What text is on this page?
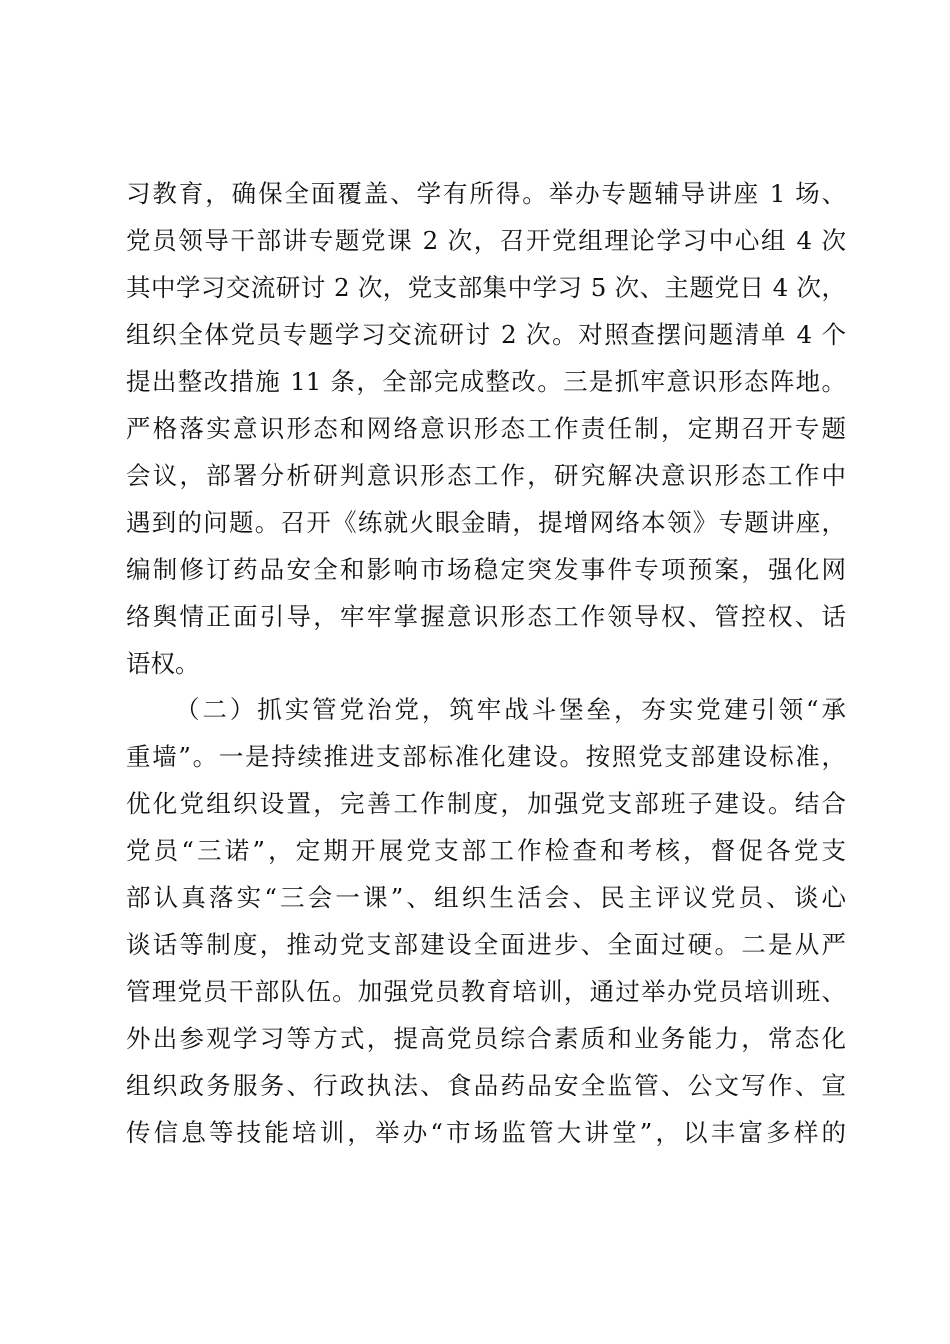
习教育，确保全面覆盖、学有所得。举办专题辅导讲座 1 场、
党员领导干部讲专题党课 2 次，召开党组理论学习中心组 4 次
其中学习交流研讨 2 次，党支部集中学习 5 次、主题党日 4 次，
组织全体党员专题学习交流研讨 2 次。对照查摆问题清单 4 个
提出整改措施 11 条，全部完成整改。三是抓牢意识形态阵地。
严格落实意识形态和网络意识形态工作责任制，定期召开专题
会议，部署分析研判意识形态工作，研究解决意识形态工作中
遇到的问题。召开《练就火眼金睛，提增网络本领》专题讲座，
编制修订药品安全和影响市场稳定突发事件专项预案，强化网
络舆情正面引导，牢牢掌握意识形态工作领导权、管控权、话
语权。
（二）抓实管党治党，筑牢战斗堡垒，夯实党建引领“承
重墙”。一是持续推进支部标准化建设。按照党支部建设标准，
优化党组织设置，完善工作制度，加强党支部班子建设。结合
党员“三诺”，定期开展党支部工作检查和考核，督促各党支
部认真落实“三会一课”、组织生活会、民主评议党员、谈心
谈话等制度，推动党支部建设全面进步、全面过硬。二是从严
管理党员干部队伍。加强党员教育培训，通过举办党员培训班、
外出参观学习等方式，提高党员综合素质和业务能力，常态化
组织政务服务、行政执法、食品药品安全监管、公文写作、宣
传信息等技能培训，举办“市场监管大讲堂”，以丰富多样的
